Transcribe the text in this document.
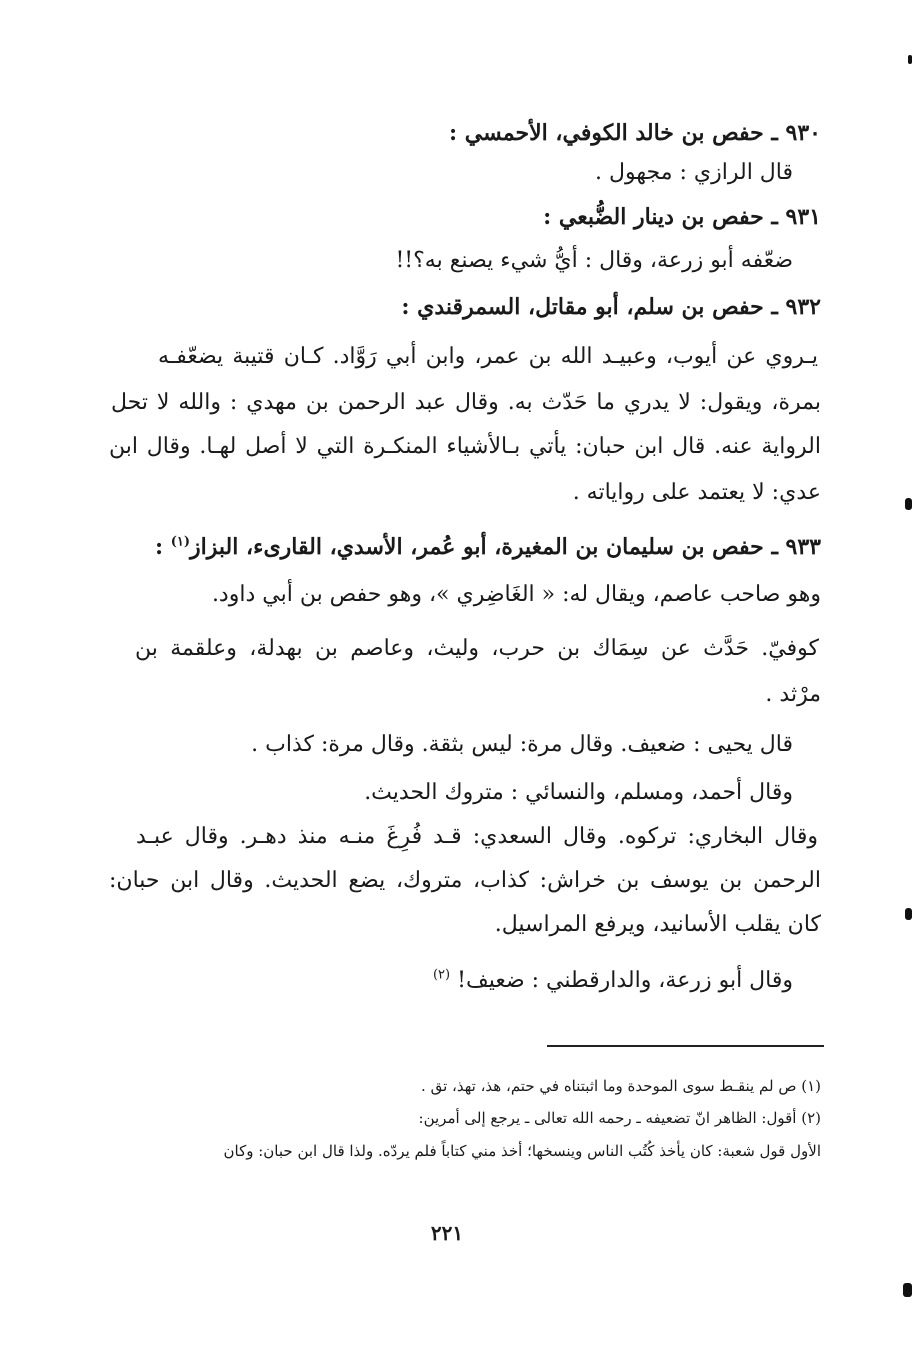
٩٣٠ ـ حفص بن خالد الكوفي، الأحمسي :
قال الرازي : مجهول .
٩٣١ ـ حفص بن دينار الضُّبعي :
ضعّفه أبو زرعة، وقال : أيُّ شيء يصنع به؟!!
٩٣٢ ـ حفص بن سلم، أبو مقاتل، السمرقندي :
يـروي عن أيوب، وعبيـد الله بن عمر، وابن أبي رَوَّاد. كـان قتيبة يضعّفـه
بمرة، ويقول: لا يدري ما حَدّث به. وقال عبد الرحمن بن مهدي : والله لا تحل
الرواية عنه. قال ابن حبان: يأتي بـالأشياء المنكـرة التي لا أصل لهـا. وقال ابن
عدي: لا يعتمد على رواياته .
٩٣٣ ـ حفص بن سليمان بن المغيرة، أبو عُمر، الأسدي، القارىء، البزاز$^{(١)}$ :
وهو صاحب عاصم، ويقال له: « الغَاضِري »، وهو حفص بن أبي داود.
كوفيّ. حَدَّث عن سِمَاك بن حرب، وليث، وعاصم بن بهدلة، وعلقمة بن
مرْثد .
قال يحيى : ضعيف. وقال مرة: ليس بثقة. وقال مرة: كذاب .
وقال أحمد، ومسلم، والنسائي : متروك الحديث.
وقال البخاري: تركوه. وقال السعدي: قـد فُرِغَ منـه منذ دهـر. وقال عبـد
الرحمن بن يوسف بن خراش: كذاب، متروك، يضع الحديث. وقال ابن حبان:
كان يقلب الأسانيد، ويرفع المراسيل.
وقال أبو زرعة، والدارقطني : ضعيف! $^{(٢)}$
(١) ص لم ينقـط سوى الموحدة وما اثبتناه في حتم، هذ، تهذ، تق .
(٢) أقول: الظاهر انّ تضعيفه ـ رحمه الله تعالى ـ يرجع إلى أمرين:
الأول قول شعبة: كان يأخذ كُتُب الناس وينسخها؛ أخذ مني كتاباً فلم يردّه. ولذا قال ابن حبان: وكان
٢٢١
